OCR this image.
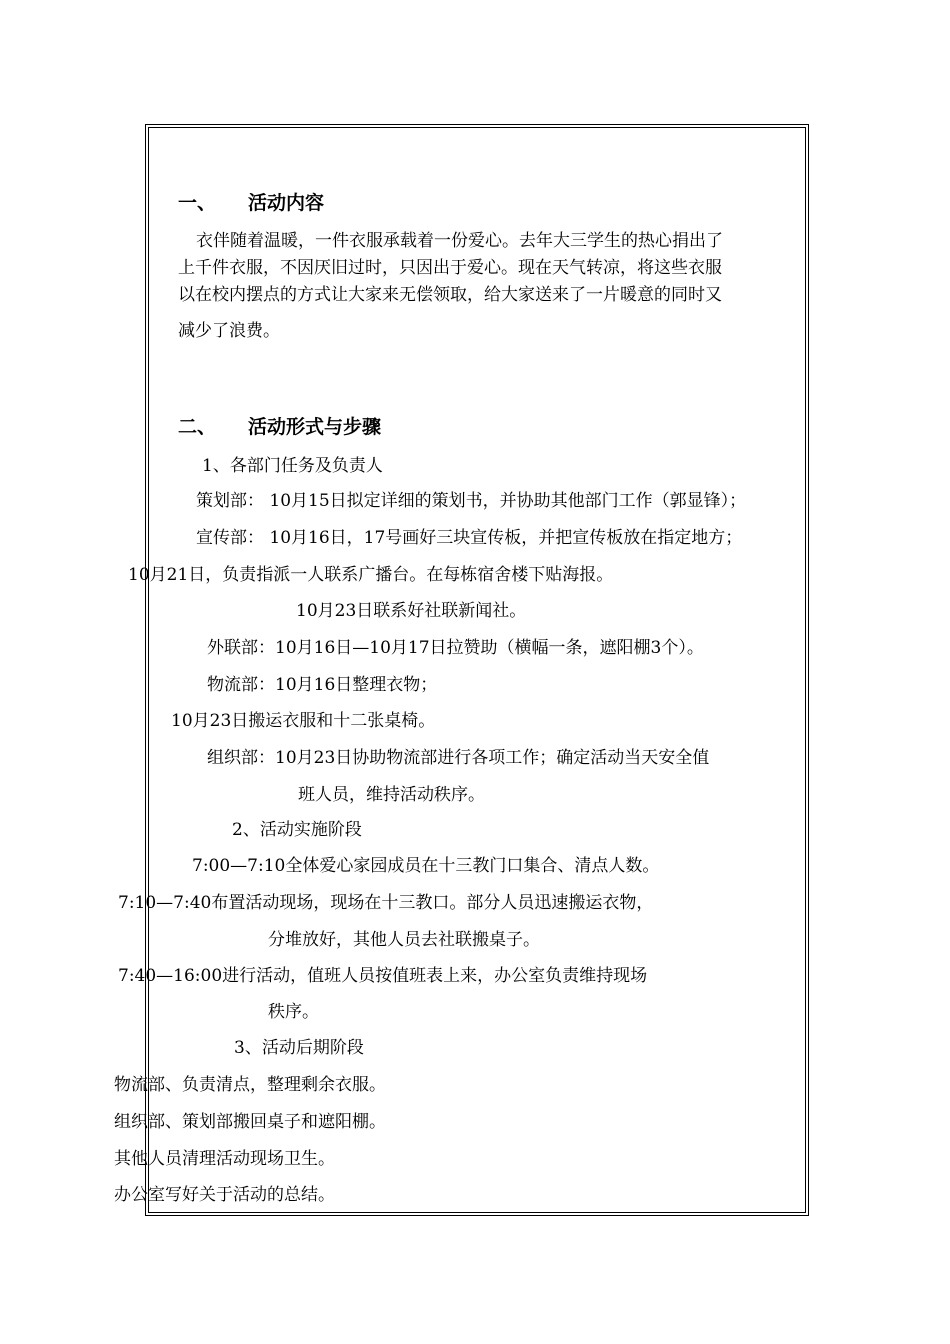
一、 活动内容
衣伴随着温暖，一件衣服承载着一份爱心。去年大三学生的热心捐出了
上千件衣服，不因厌旧过时，只因出于爱心。现在天气转凉，将这些衣服
以在校内摆点的方式让大家来无偿领取，给大家送来了一片暖意的同时又
减少了浪费。
二、 活动形式与步骤
1、各部门任务及负责人
策划部： 10月15日拟定详细的策划书，并协助其他部门工作（郭显锋）；
宣传部： 10月16日，17号画好三块宣传板，并把宣传板放在指定地方；
10月21日，负责指派一人联系广播台。在每栋宿舍楼下贴海报。
10月23日联系好社联新闻社。
外联部：10月16日—10月17日拉赞助（横幅一条，遮阳棚3个）。
物流部：10月16日整理衣物；
10月23日搬运衣服和十二张桌椅。
组织部：10月23日协助物流部进行各项工作；确定活动当天安全值
班人员，维持活动秩序。
2、活动实施阶段
7:00—7:10全体爱心家园成员在十三教门口集合、清点人数。
7:10—7:40布置活动现场，现场在十三教口。部分人员迅速搬运衣物，
分堆放好，其他人员去社联搬桌子。
7:40—16:00进行活动，值班人员按值班表上来，办公室负责维持现场
秩序。
3、活动后期阶段
物流部、负责清点，整理剩余衣服。
组织部、策划部搬回桌子和遮阳棚。
其他人员清理活动现场卫生。
办公室写好关于活动的总结。
